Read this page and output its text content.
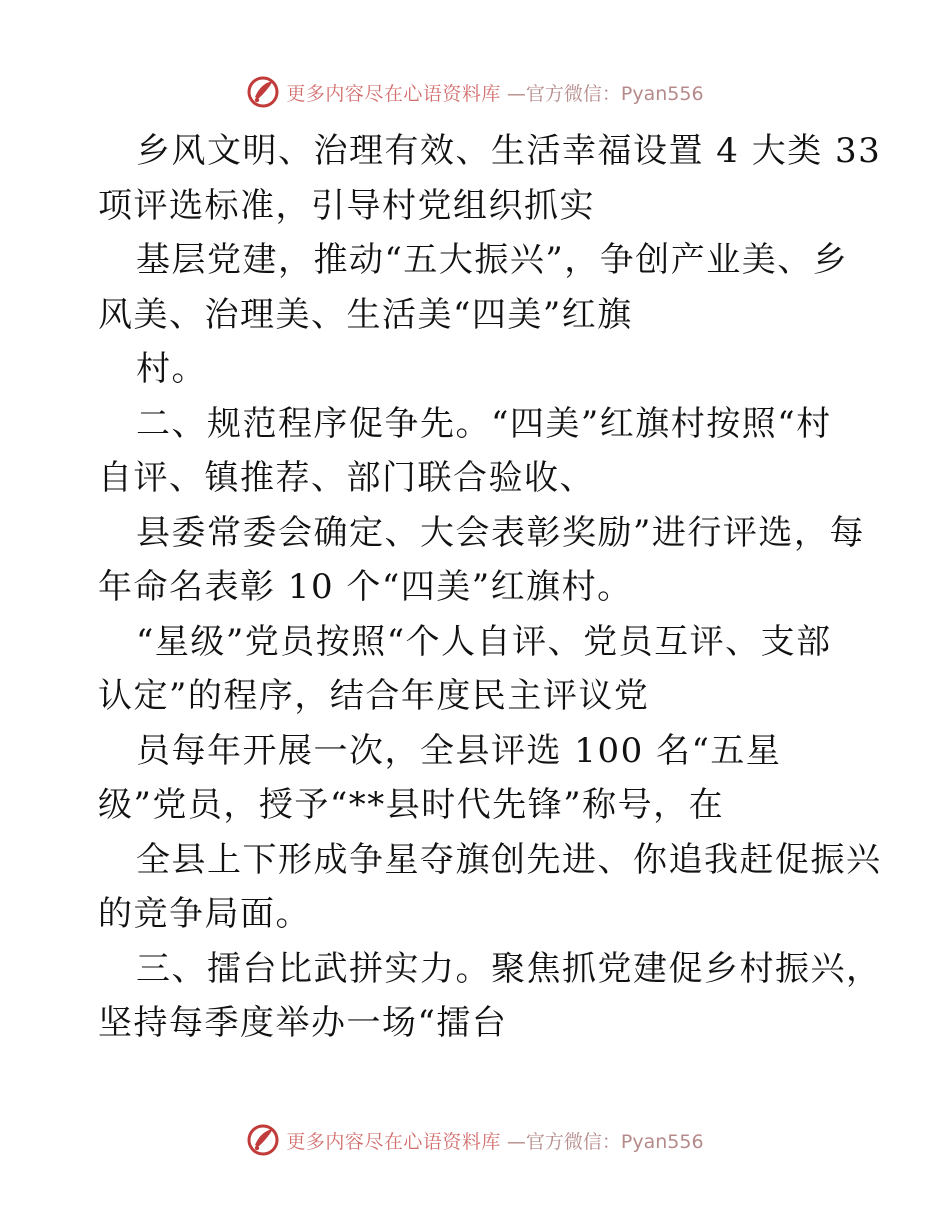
更多内容尽在心语资料库 —官方微信：Pyan556
乡风文明、治理有效、生活幸福设置 4 大类 33
项评选标准，引导村党组织抓实
基层党建，推动“五大振兴”，争创产业美、乡
风美、治理美、生活美“四美”红旗
村。
二、规范程序促争先。“四美”红旗村按照“村
自评、镇推荐、部门联合验收、
县委常委会确定、大会表彰奖励”进行评选，每
年命名表彰 10 个“四美”红旗村。
“星级”党员按照“个人自评、党员互评、支部
认定”的程序，结合年度民主评议党
员每年开展一次，全县评选 100 名“五星
级”党员，授予“**县时代先锋”称号，在
全县上下形成争星夺旗创先进、你追我赶促振兴
的竞争局面。
三、擂台比武拼实力。聚焦抓党建促乡村振兴，
坚持每季度举办一场“擂台
更多内容尽在心语资料库 —官方微信：Pyan556
